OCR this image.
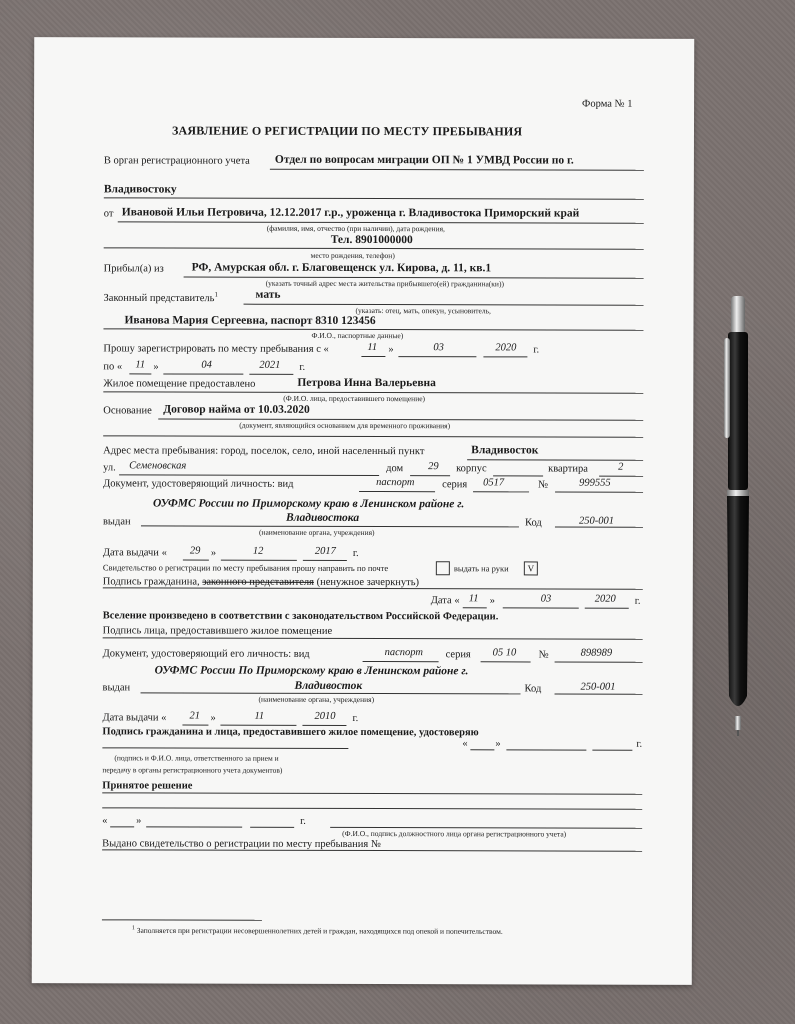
Форма № 1
ЗАЯВЛЕНИЕ О РЕГИСТРАЦИИ ПО МЕСТУ ПРЕБЫВАНИЯ
В орган регистрационного учета Отдел по вопросам миграции ОП № 1 УМВД России по г.
Владивостоку
от Ивановой Ильи Петровича, 12.12.2017 г.р., уроженца г. Владивостока Приморский край
(фамилия, имя, отчество (при наличии), дата рождения,
Тел. 8901000000
место рождения, телефон)
Прибыл(а) из РФ, Амурская обл. г. Благовещенск ул. Кирова, д. 11, кв.1
(указать точный адрес места жительства прибывшего(ей) гражданина(ки))
Законный представитель$^1$	мать
(указать: отец, мать, опекун, усыновитель,
Иванова Мария Сергеевна, паспорт 8310 123456
Ф.И.О., паспортные данные)
Прошу зарегистрировать по месту пребывания с «	11 »	03	2020 г.
по « 11 »	04	2021 г.
Жилое помещение предоставлено	Петрова Инна Валерьевна
(Ф.И.О. лица, предоставившего помещение)
Основание Договор найма от 10.03.2020
(документ, являющийся основанием для временного проживания)
Адрес места пребывания: город, поселок, село, иной населенный пункт	Владивосток
ул. Семеновская	дом 29 корпус	квартира	2
Документ, удостоверяющий личность: вид	паспорт	серия 0517	№	999555
ОУФМС России по Приморскому краю в Ленинском районе г.
выдан	Владивостока	Код	250-001
(наименование органа, учреждения)
Дата выдачи « 29 »	12	2017 г.
Свидетельство о регистрации по месту пребывания прошу направить по почте	выдать на руки	V
Подпись гражданина, законного представителя (ненужное зачеркнуть)
Дата « 11 »	03	2020 г.
Вселение произведено в соответствии с законодательством Российской Федерации.
Подпись лица, предоставившего жилое помещение
Документ, удостоверяющий его личность: вид	паспорт серия 05 10 №	898989
ОУФМС России По Приморскому краю в Ленинском районе г.
выдан	Владивосток	Код	250-001
(наименование органа, учреждения)
Дата выдачи « 21 »	11	2010 г.
Подпись гражданина и лица, предоставившего жилое помещение, удостоверяю
«	»	г.
(подпись и Ф.И.О. лица, ответственного за прием и
передачу в органы регистрационного учета документов)
Принятое решение
«	»	г.
(Ф.И.О., подпись должностного лица органа регистрационного учета)
Выдано свидетельство о регистрации по месту пребывания №
$^1$ Заполняется при регистрации несовершеннолетних детей и граждан, находящихся под опекой и попечительством.
